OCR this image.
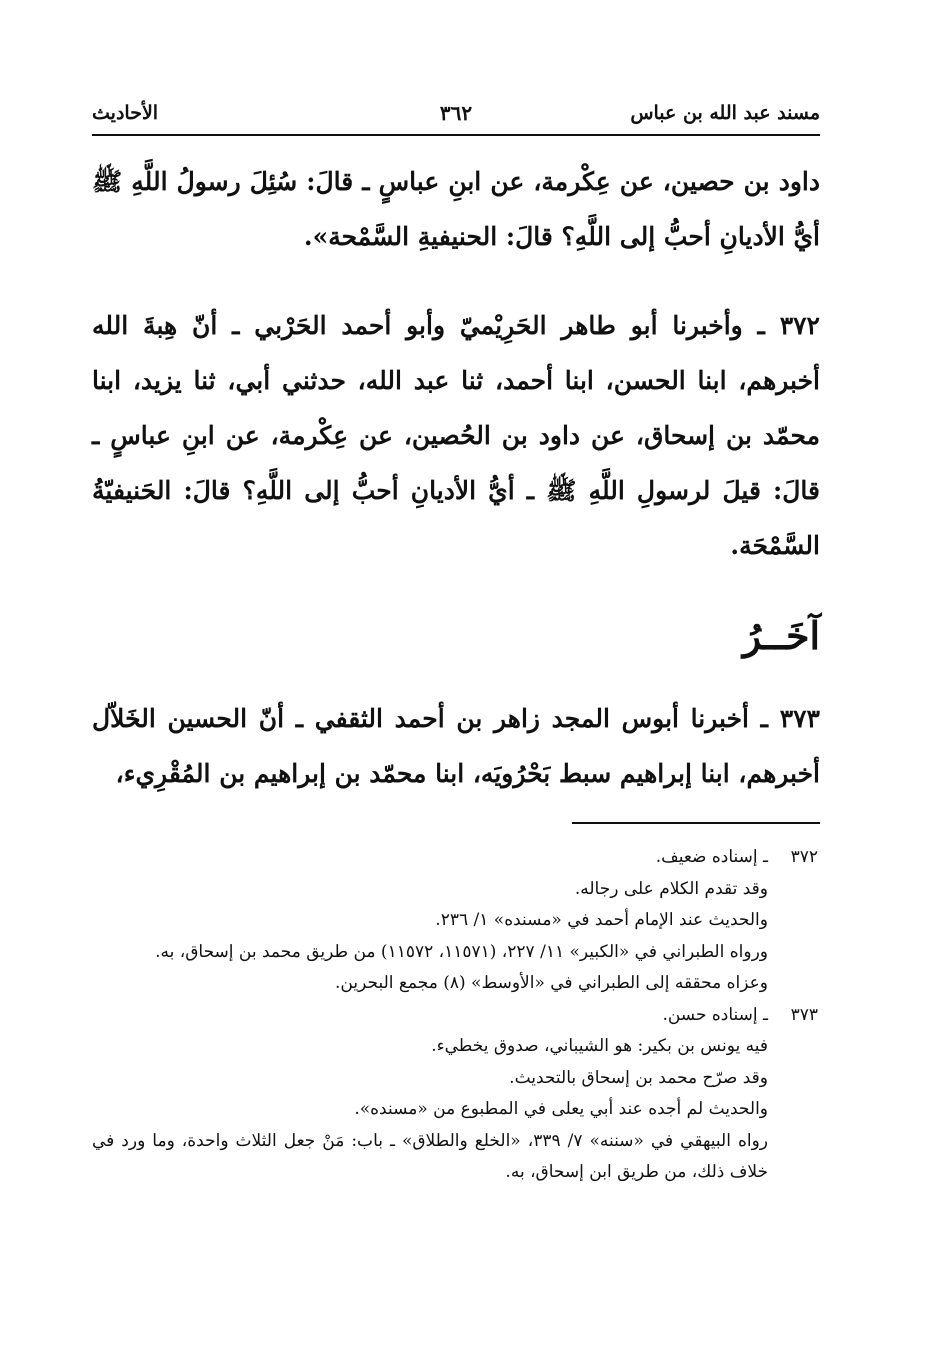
مسند عبد الله بن عباس
٣٦٢
الأحاديث

داود بن حصين، عن عِكْرمة، عن ابنِ عباسٍ ـ قالَ: سُئِلَ رسولُ اللَّهِ ﷺ أيُّ الأديانِ أحبُّ إلى اللَّهِ؟ قالَ: الحنيفيةِ السَّمْحة».

٣٧٢ ـ وأخبرنا أبو طاهر الحَرِيْميّ وأبو أحمد الحَرْبي ـ أنّ هِبةَ الله أخبرهم، ابنا الحسن، ابنا أحمد، ثنا عبد الله، حدثني أبي، ثنا يزيد، ابنا محمّد بن إسحاق، عن داود بن الحُصين، عن عِكْرمة، عن ابنِ عباسٍ ـ قالَ: قيلَ لرسولِ اللَّهِ ﷺ ـ أيُّ الأديانِ أحبُّ إلى اللَّهِ؟ قالَ: الحَنيفيّةُ السَّمْحَة.

آخَــرُ

٣٧٣ ـ أخبرنا أبوس المجد زاهر بن أحمد الثقفي ـ أنّ الحسين الخَلاّل أخبرهم، ابنا إبراهيم سبط بَحْرُويَه، ابنا محمّد بن إبراهيم بن المُقْرِيء،

٣٧٢
ـ إسناده ضعيف.
وقد تقدم الكلام على رجاله.
والحديث عند الإمام أحمد في «مسنده» ١/ ٢٣٦.
ورواه الطبراني في «الكبير» ١١/ ٢٢٧، (١١٥٧١، ١١٥٧٢) من طريق محمد بن إسحاق، به.
وعزاه محققه إلى الطبراني في «الأوسط» (٨) مجمع البحرين.
٣٧٣
ـ إسناده حسن.
فيه يونس بن بكير: هو الشيباني، صدوق يخطيء.
وقد صرّح محمد بن إسحاق بالتحديث.
والحديث لم أجده عند أبي يعلى في المطبوع من «مسنده».
رواه البيهقي في «سننه» ٧/ ٣٣٩، «الخلع والطلاق» ـ باب: مَنْ جعل الثلاث واحدة، وما ورد في خلاف ذلك، من طريق ابن إسحاق، به.
